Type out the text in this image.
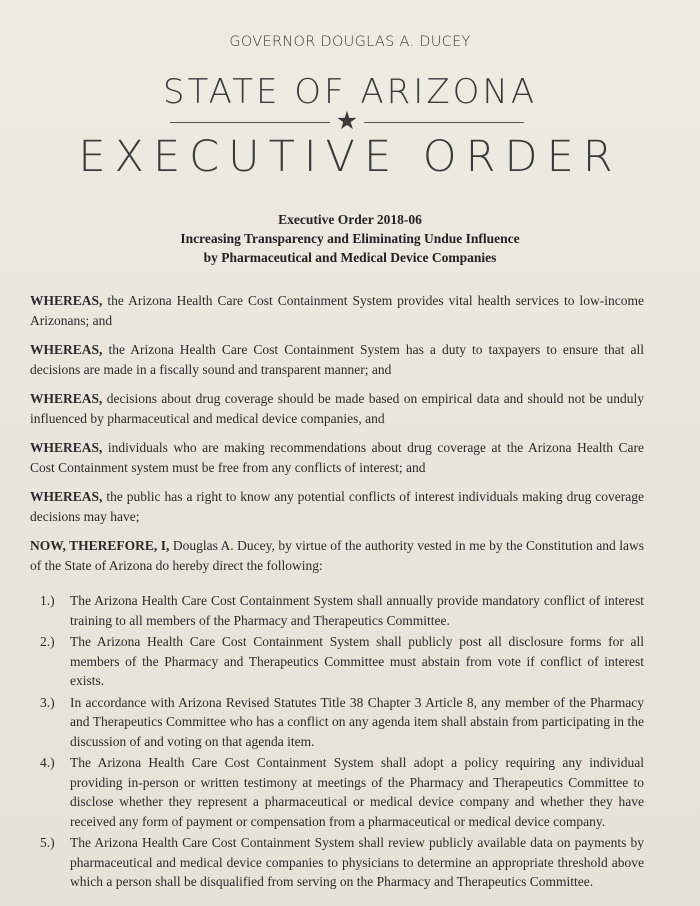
GOVERNOR DOUGLAS A. DUCEY
STATE OF ARIZONA
★
EXECUTIVE ORDER
Executive Order 2018-06
Increasing Transparency and Eliminating Undue Influence
by Pharmaceutical and Medical Device Companies

WHEREAS, the Arizona Health Care Cost Containment System provides vital health services to low-income Arizonans; and

WHEREAS, the Arizona Health Care Cost Containment System has a duty to taxpayers to ensure that all decisions are made in a fiscally sound and transparent manner; and

WHEREAS, decisions about drug coverage should be made based on empirical data and should not be unduly influenced by pharmaceutical and medical device companies, and

WHEREAS, individuals who are making recommendations about drug coverage at the Arizona Health Care Cost Containment system must be free from any conflicts of interest; and

WHEREAS, the public has a right to know any potential conflicts of interest individuals making drug coverage decisions may have;

NOW, THEREFORE, I, Douglas A. Ducey, by virtue of the authority vested in me by the Constitution and laws of the State of Arizona do hereby direct the following:

1.) The Arizona Health Care Cost Containment System shall annually provide mandatory conflict of interest training to all members of the Pharmacy and Therapeutics Committee.
2.) The Arizona Health Care Cost Containment System shall publicly post all disclosure forms for all members of the Pharmacy and Therapeutics Committee must abstain from vote if conflict of interest exists.
3.) In accordance with Arizona Revised Statutes Title 38 Chapter 3 Article 8, any member of the Pharmacy and Therapeutics Committee who has a conflict on any agenda item shall abstain from participating in the discussion of and voting on that agenda item.
4.) The Arizona Health Care Cost Containment System shall adopt a policy requiring any individual providing in-person or written testimony at meetings of the Pharmacy and Therapeutics Committee to disclose whether they represent a pharmaceutical or medical device company and whether they have received any form of payment or compensation from a pharmaceutical or medical device company.
5.) The Arizona Health Care Cost Containment System shall review publicly available data on payments by pharmaceutical and medical device companies to physicians to determine an appropriate threshold above which a person shall be disqualified from serving on the Pharmacy and Therapeutics Committee.
